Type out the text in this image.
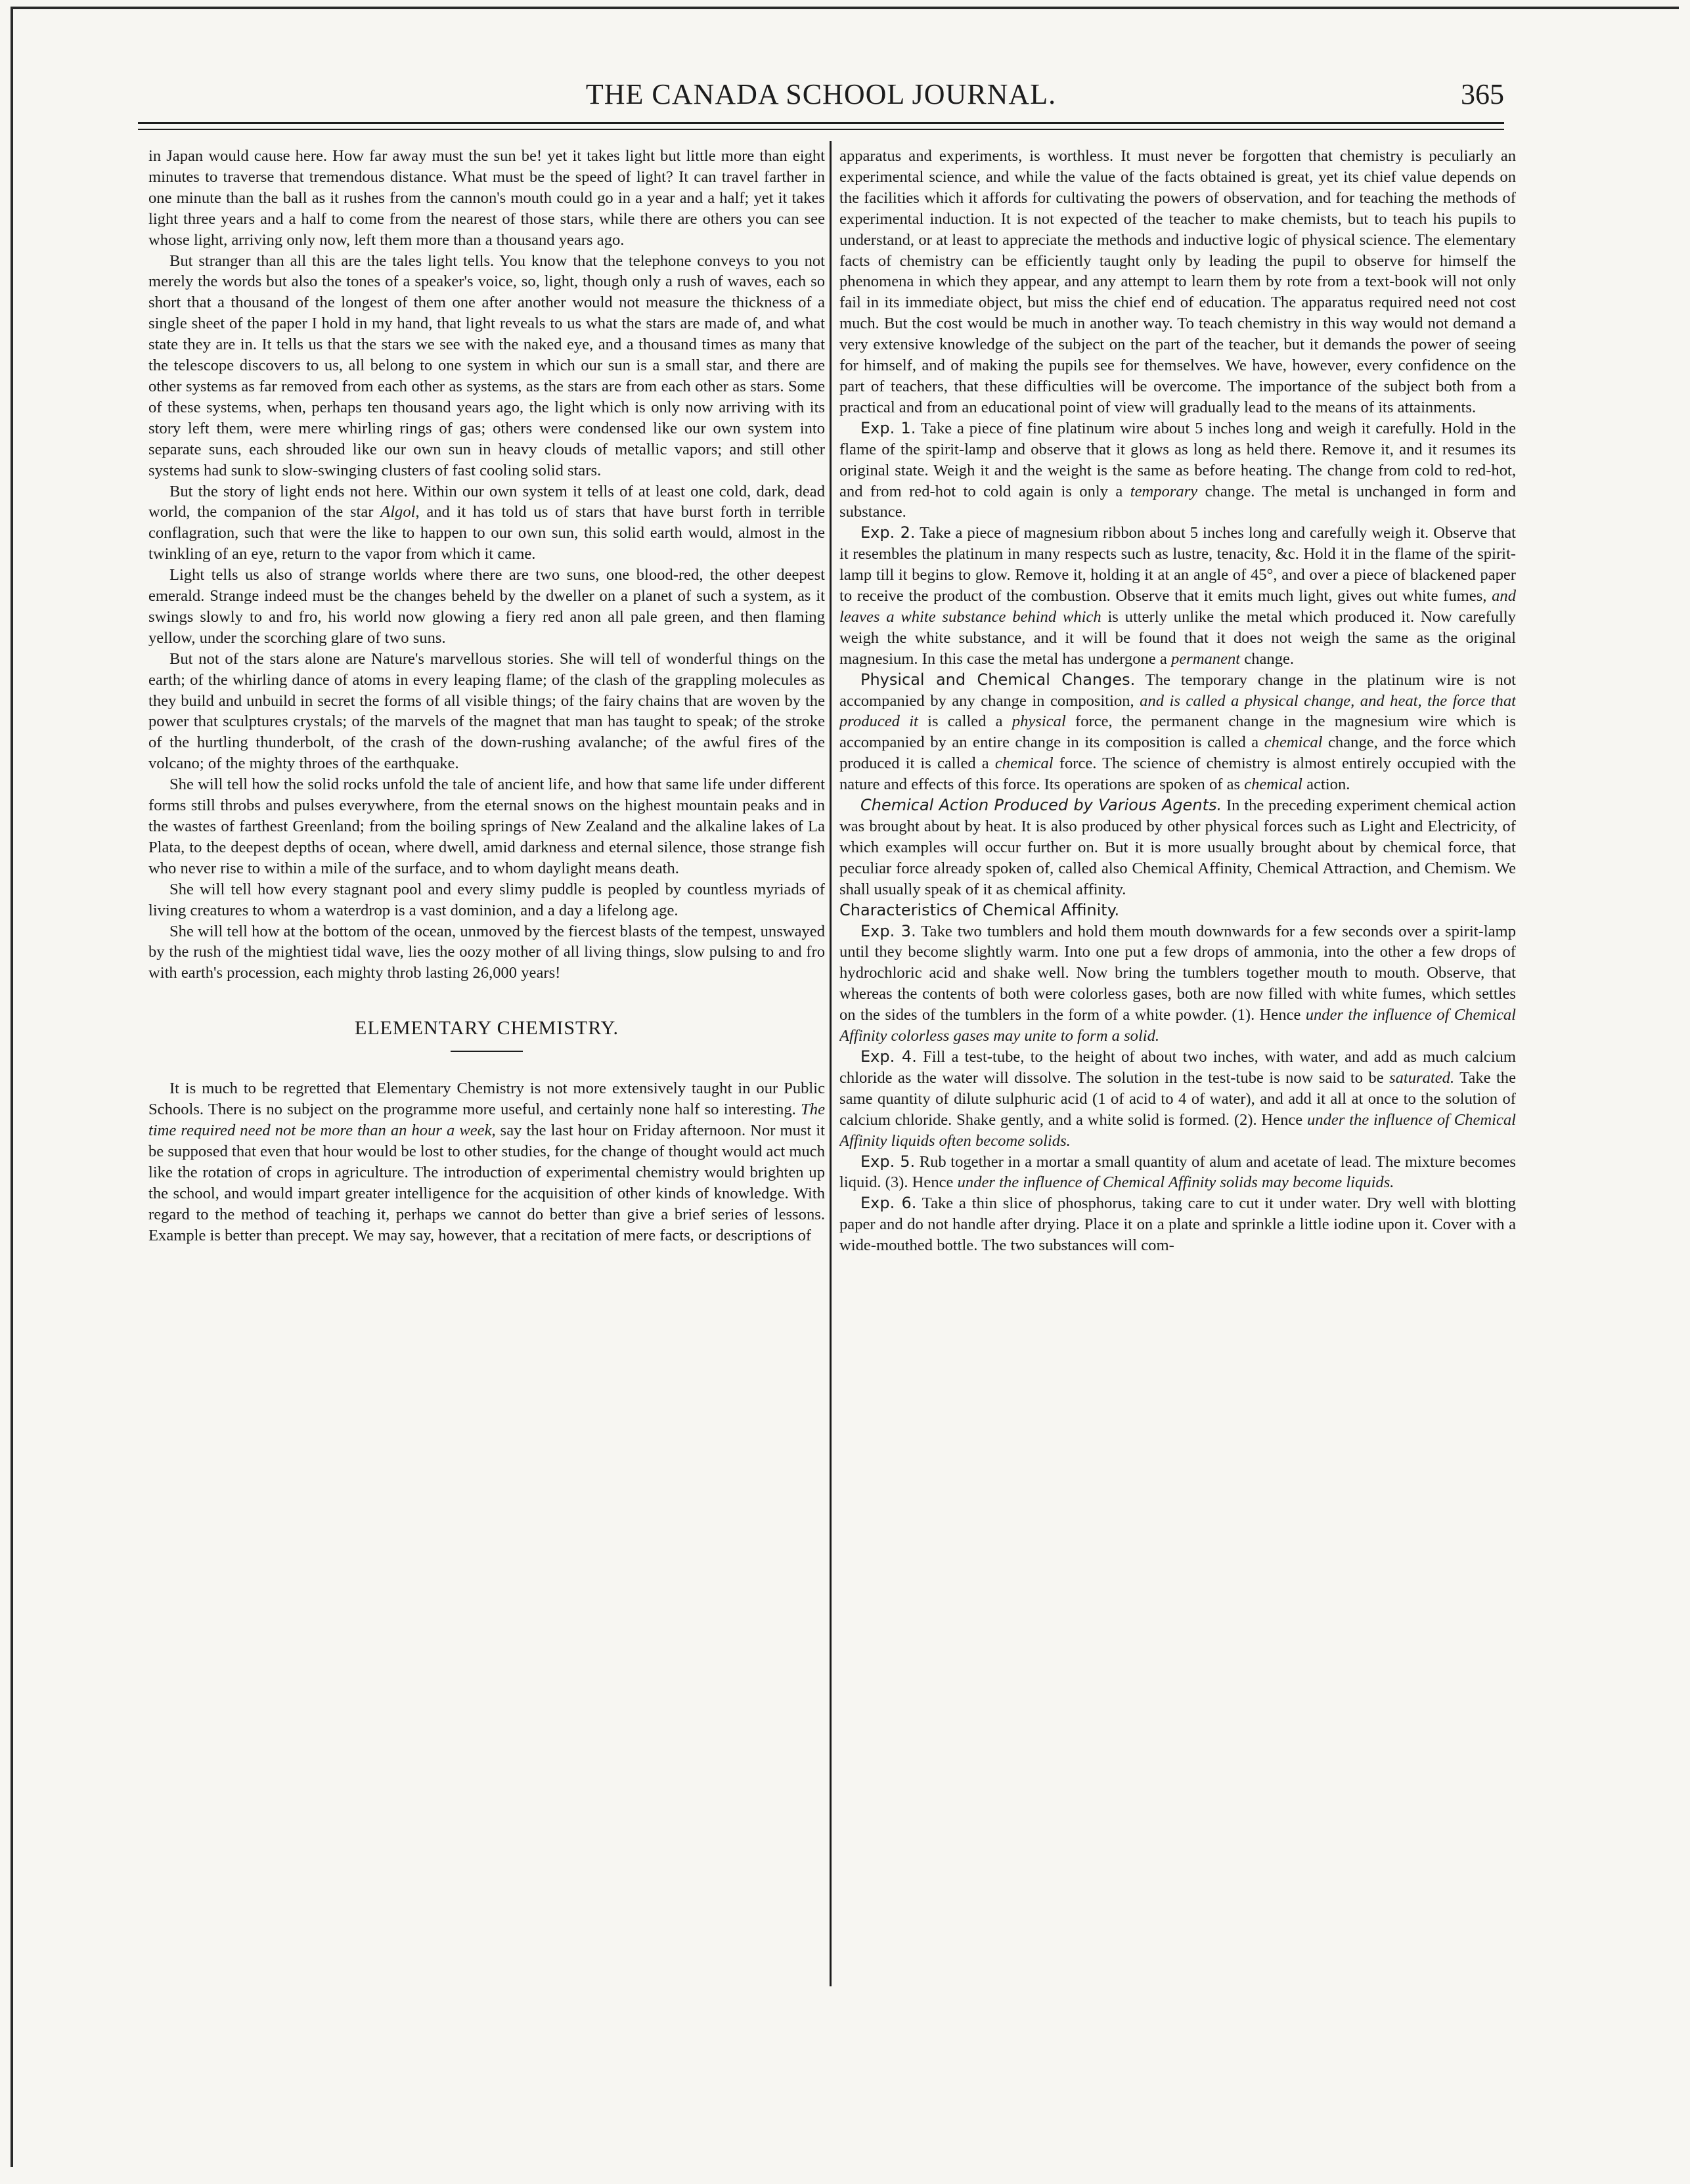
THE CANADA SCHOOL JOURNAL.	365

in Japan would cause here. How far away must the sun be! yet it takes light but little more than eight minutes to traverse that tremendous distance. What must be the speed of light? It can travel farther in one minute than the ball as it rushes from the cannon's mouth could go in a year and a half; yet it takes light three years and a half to come from the nearest of those stars, while there are others you can see whose light, arriving only now, left them more than a thousand years ago.

But stranger than all this are the tales light tells. You know that the telephone conveys to you not merely the words but also the tones of a speaker's voice, so, light, though only a rush of waves, each so short that a thousand of the longest of them one after another would not measure the thickness of a single sheet of the paper I hold in my hand, that light reveals to us what the stars are made of, and what state they are in. It tells us that the stars we see with the naked eye, and a thousand times as many that the telescope discovers to us, all belong to one system in which our sun is a small star, and there are other systems as far removed from each other as systems, as the stars are from each other as stars. Some of these systems, when, perhaps ten thousand years ago, the light which is only now arriving with its story left them, were mere whirling rings of gas; others were condensed like our own system into separate suns, each shrouded like our own sun in heavy clouds of metallic vapors; and still other systems had sunk to slow-swinging clusters of fast cooling solid stars.

But the story of light ends not here. Within our own system it tells of at least one cold, dark, dead world, the companion of the star Algol, and it has told us of stars that have burst forth in terrible conflagration, such that were the like to happen to our own sun, this solid earth would, almost in the twinkling of an eye, return to the vapor from which it came.

Light tells us also of strange worlds where there are two suns, one blood-red, the other deepest emerald. Strange indeed must be the changes beheld by the dweller on a planet of such a system, as it swings slowly to and fro, his world now glowing a fiery red anon all pale green, and then flaming yellow, under the scorching glare of two suns.

But not of the stars alone are Nature's marvellous stories. She will tell of wonderful things on the earth; of the whirling dance of atoms in every leaping flame; of the clash of the grappling molecules as they build and unbuild in secret the forms of all visible things; of the fairy chains that are woven by the power that sculptures crystals; of the marvels of the magnet that man has taught to speak; of the stroke of the hurtling thunderbolt, of the crash of the down-rushing avalanche; of the awful fires of the volcano; of the mighty throes of the earthquake.

She will tell how the solid rocks unfold the tale of ancient life, and how that same life under different forms still throbs and pulses everywhere, from the eternal snows on the highest mountain peaks and in the wastes of farthest Greenland; from the boiling springs of New Zealand and the alkaline lakes of La Plata, to the deepest depths of ocean, where dwell, amid darkness and eternal silence, those strange fish who never rise to within a mile of the surface, and to whom daylight means death.

She will tell how every stagnant pool and every slimy puddle is peopled by countless myriads of living creatures to whom a waterdrop is a vast dominion, and a day a lifelong age.

She will tell how at the bottom of the ocean, unmoved by the fiercest blasts of the tempest, unswayed by the rush of the mightiest tidal wave, lies the oozy mother of all living things, slow pulsing to and fro with earth's procession, each mighty throb lasting 26,000 years!

ELEMENTARY CHEMISTRY.

It is much to be regretted that Elementary Chemistry is not more extensively taught in our Public Schools. There is no subject on the programme more useful, and certainly none half so interesting. The time required need not be more than an hour a week, say the last hour on Friday afternoon. Nor must it be supposed that even that hour would be lost to other studies, for the change of thought would act much like the rotation of crops in agriculture. The introduction of experimental chemistry would brighten up the school, and would impart greater intelligence for the acquisition of other kinds of knowledge. With regard to the method of teaching it, perhaps we cannot do better than give a brief series of lessons. Example is better than precept. We may say, however, that a recitation of mere facts, or descriptions of

apparatus and experiments, is worthless. It must never be forgotten that chemistry is peculiarly an experimental science, and while the value of the facts obtained is great, yet its chief value depends on the facilities which it affords for cultivating the powers of observation, and for teaching the methods of experimental induction. It is not expected of the teacher to make chemists, but to teach his pupils to understand, or at least to appreciate the methods and inductive logic of physical science. The elementary facts of chemistry can be efficiently taught only by leading the pupil to observe for himself the phenomena in which they appear, and any attempt to learn them by rote from a text-book will not only fail in its immediate object, but miss the chief end of education. The apparatus required need not cost much. But the cost would be much in another way. To teach chemistry in this way would not demand a very extensive knowledge of the subject on the part of the teacher, but it demands the power of seeing for himself, and of making the pupils see for themselves. We have, however, every confidence on the part of teachers, that these difficulties will be overcome. The importance of the subject both from a practical and from an educational point of view will gradually lead to the means of its attainments.

Exp. 1. Take a piece of fine platinum wire about 5 inches long and weigh it carefully. Hold in the flame of the spirit-lamp and observe that it glows as long as held there. Remove it, and it resumes its original state. Weigh it and the weight is the same as before heating. The change from cold to red-hot, and from red-hot to cold again is only a temporary change. The metal is unchanged in form and substance.

Exp. 2. Take a piece of magnesium ribbon about 5 inches long and carefully weigh it. Observe that it resembles the platinum in many respects such as lustre, tenacity, &c. Hold it in the flame of the spirit-lamp till it begins to glow. Remove it, holding it at an angle of 45°, and over a piece of blackened paper to receive the product of the combustion. Observe that it emits much light, gives out white fumes, and leaves a white substance behind which is utterly unlike the metal which produced it. Now carefully weigh the white substance, and it will be found that it does not weigh the same as the original magnesium. In this case the metal has undergone a permanent change.

Physical and Chemical Changes. The temporary change in the platinum wire is not accompanied by any change in composition, and is called a physical change, and heat, the force that produced it is called a physical force, the permanent change in the magnesium wire which is accompanied by an entire change in its composition is called a chemical change, and the force which produced it is called a chemical force. The science of chemistry is almost entirely occupied with the nature and effects of this force. Its operations are spoken of as chemical action.

Chemical Action Produced by Various Agents. In the preceding experiment chemical action was brought about by heat. It is also produced by other physical forces such as Light and Electricity, of which examples will occur further on. But it is more usually brought about by chemical force, that peculiar force already spoken of, called also Chemical Affinity, Chemical Attraction, and Chemism. We shall usually speak of it as chemical affinity.

Characteristics of Chemical Affinity.

Exp. 3. Take two tumblers and hold them mouth downwards for a few seconds over a spirit-lamp until they become slightly warm. Into one put a few drops of ammonia, into the other a few drops of hydrochloric acid and shake well. Now bring the tumblers together mouth to mouth. Observe, that whereas the contents of both were colorless gases, both are now filled with white fumes, which settles on the sides of the tumblers in the form of a white powder. (1). Hence under the influence of Chemical Affinity colorless gases may unite to form a solid.

Exp. 4. Fill a test-tube, to the height of about two inches, with water, and add as much calcium chloride as the water will dissolve. The solution in the test-tube is now said to be saturated. Take the same quantity of dilute sulphuric acid (1 of acid to 4 of water), and add it all at once to the solution of calcium chloride. Shake gently, and a white solid is formed. (2). Hence under the influence of Chemical Affinity liquids often become solids.

Exp. 5. Rub together in a mortar a small quantity of alum and acetate of lead. The mixture becomes liquid. (3). Hence under the influence of Chemical Affinity solids may become liquids.

Exp. 6. Take a thin slice of phosphorus, taking care to cut it under water. Dry well with blotting paper and do not handle after drying. Place it on a plate and sprinkle a little iodine upon it. Cover with a wide-mouthed bottle. The two substances will com-
